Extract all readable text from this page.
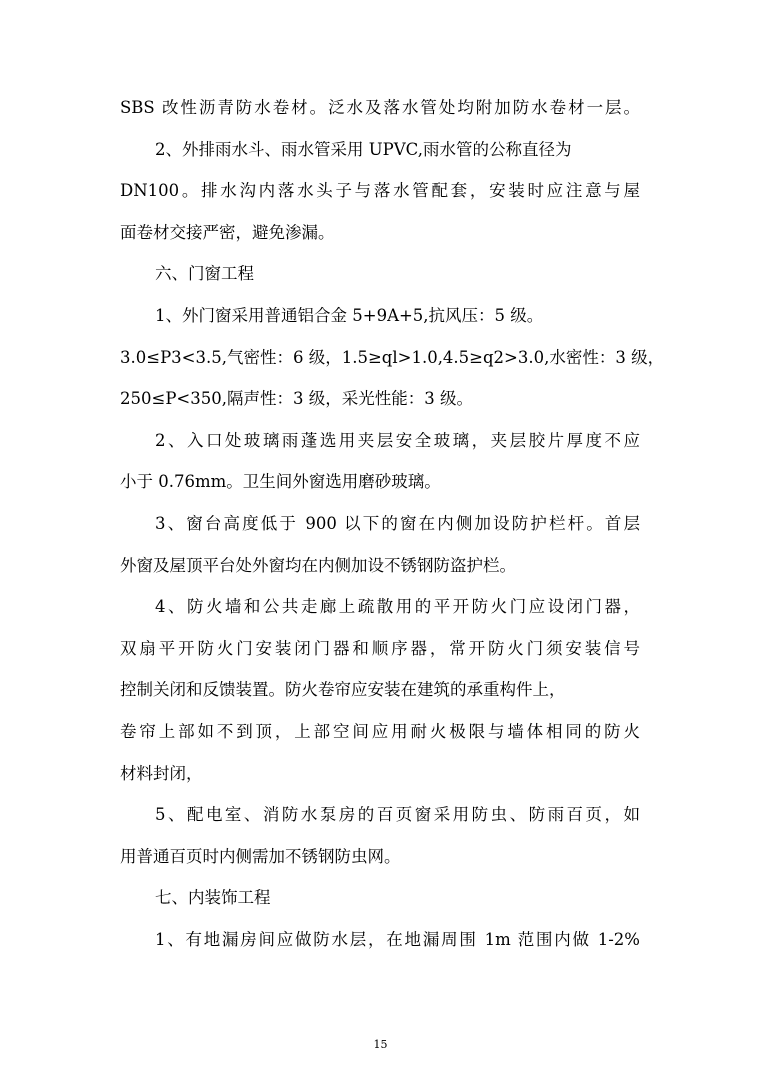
SBS 改性沥青防水卷材。泛水及落水管处均附加防水卷材一层。
2、外排雨水斗、雨水管采用 UPVC,雨水管的公称直径为
DN100。排水沟内落水头子与落水管配套，安装时应注意与屋
面卷材交接严密，避免渗漏。
六、门窗工程
1、外门窗采用普通铝合金 5+9A+5,抗风压：5 级。
3.0≤P3<3.5,气密性：6 级，1.5≥ql>1.0,4.5≥q2>3.0,水密性：3 级，
250≤P<350,隔声性：3 级，采光性能：3 级。
2、入口处玻璃雨蓬选用夹层安全玻璃，夹层胶片厚度不应
小于 0.76mm。卫生间外窗选用磨砂玻璃。
3、窗台高度低于 900 以下的窗在内侧加设防护栏杆。首层
外窗及屋顶平台处外窗均在内侧加设不锈钢防盗护栏。
4、防火墙和公共走廊上疏散用的平开防火门应设闭门器，
双扇平开防火门安装闭门器和顺序器，常开防火门须安装信号
控制关闭和反馈装置。防火卷帘应安装在建筑的承重构件上，
卷帘上部如不到顶，上部空间应用耐火极限与墙体相同的防火
材料封闭，
5、配电室、消防水泵房的百页窗采用防虫、防雨百页，如
用普通百页时内侧需加不锈钢防虫网。
七、内装饰工程
1、有地漏房间应做防水层，在地漏周围 1m 范围内做 1-2%
15
